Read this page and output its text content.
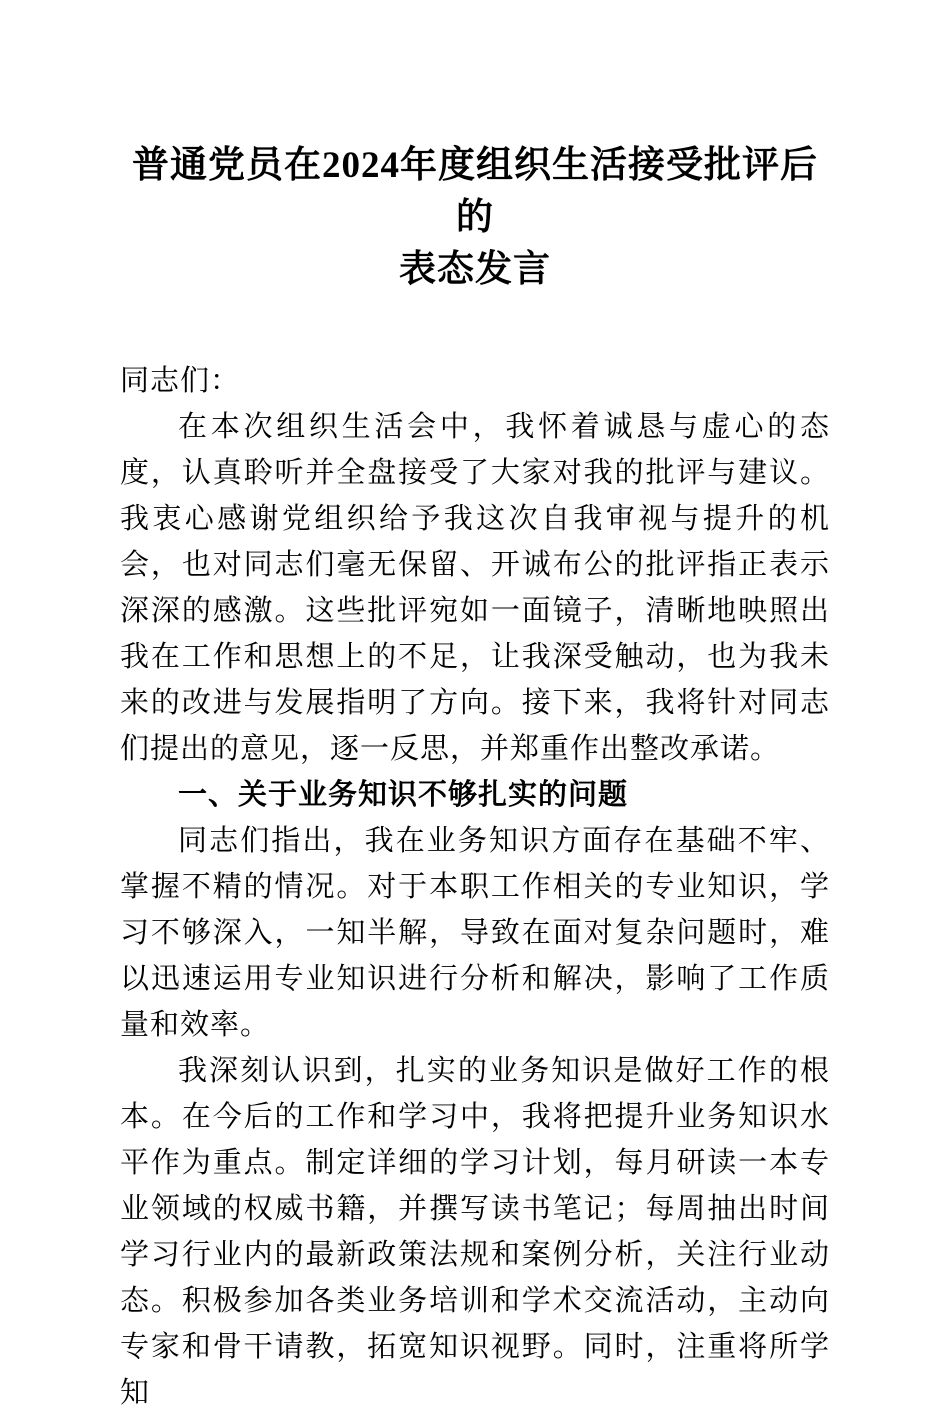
普通党员在2024年度组织生活接受批评后的
表态发言

同志们：

在本次组织生活会中，我怀着诚恳与虚心的态度，认真聆听并全盘接受了大家对我的批评与建议。我衷心感谢党组织给予我这次自我审视与提升的机会，也对同志们毫无保留、开诚布公的批评指正表示深深的感激。这些批评宛如一面镜子，清晰地映照出我在工作和思想上的不足，让我深受触动，也为我未来的改进与发展指明了方向。接下来，我将针对同志们提出的意见，逐一反思，并郑重作出整改承诺。

一、关于业务知识不够扎实的问题

同志们指出，我在业务知识方面存在基础不牢、掌握不精的情况。对于本职工作相关的专业知识，学习不够深入，一知半解，导致在面对复杂问题时，难以迅速运用专业知识进行分析和解决，影响了工作质量和效率。

我深刻认识到，扎实的业务知识是做好工作的根本。在今后的工作和学习中，我将把提升业务知识水平作为重点。制定详细的学习计划，每月研读一本专业领域的权威书籍，并撰写读书笔记；每周抽出时间学习行业内的最新政策法规和案例分析，关注行业动态。积极参加各类业务培训和学术交流活动，主动向专家和骨干请教，拓宽知识视野。同时，注重将所学知
